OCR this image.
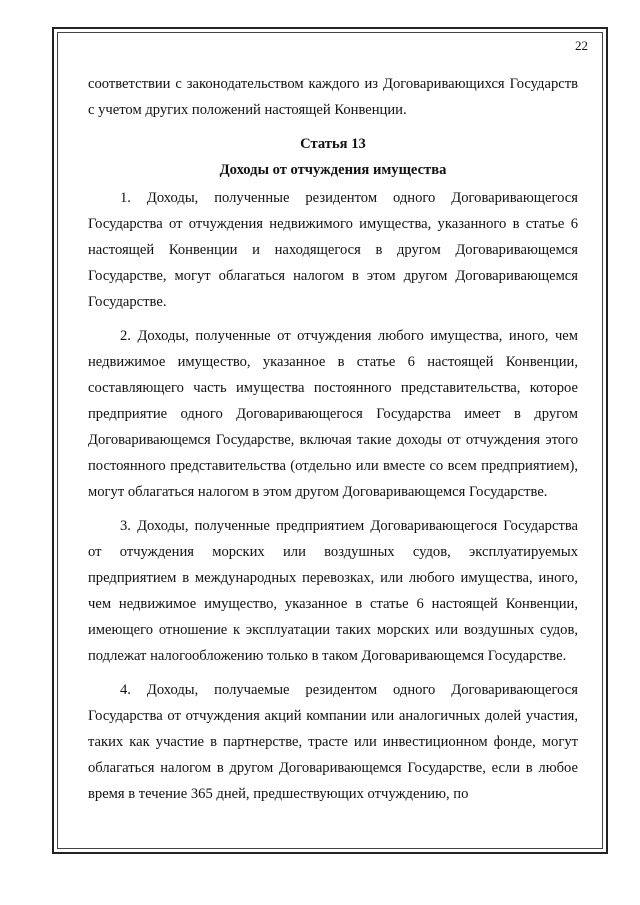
22

соответствии с законодательством каждого из Договаривающихся Государств с учетом других положений настоящей Конвенции.

Статья 13
Доходы от отчуждения имущества

1. Доходы, полученные резидентом одного Договаривающегося Государства от отчуждения недвижимого имущества, указанного в статье 6 настоящей Конвенции и находящегося в другом Договаривающемся Государстве, могут облагаться налогом в этом другом Договаривающемся Государстве.

2. Доходы, полученные от отчуждения любого имущества, иного, чем недвижимое имущество, указанное в статье 6 настоящей Конвенции, составляющего часть имущества постоянного представительства, которое предприятие одного Договаривающегося Государства имеет в другом Договаривающемся Государстве, включая такие доходы от отчуждения этого постоянного представительства (отдельно или вместе со всем предприятием), могут облагаться налогом в этом другом Договаривающемся Государстве.

3. Доходы, полученные предприятием Договаривающегося Государства от отчуждения морских или воздушных судов, эксплуатируемых предприятием в международных перевозках, или любого имущества, иного, чем недвижимое имущество, указанное в статье 6 настоящей Конвенции, имеющего отношение к эксплуатации таких морских или воздушных судов, подлежат налогообложению только в таком Договаривающемся Государстве.

4. Доходы, получаемые резидентом одного Договаривающегося Государства от отчуждения акций компании или аналогичных долей участия, таких как участие в партнерстве, трасте или инвестиционном фонде, могут облагаться налогом в другом Договаривающемся Государстве, если в любое время в течение 365 дней, предшествующих отчуждению, по
